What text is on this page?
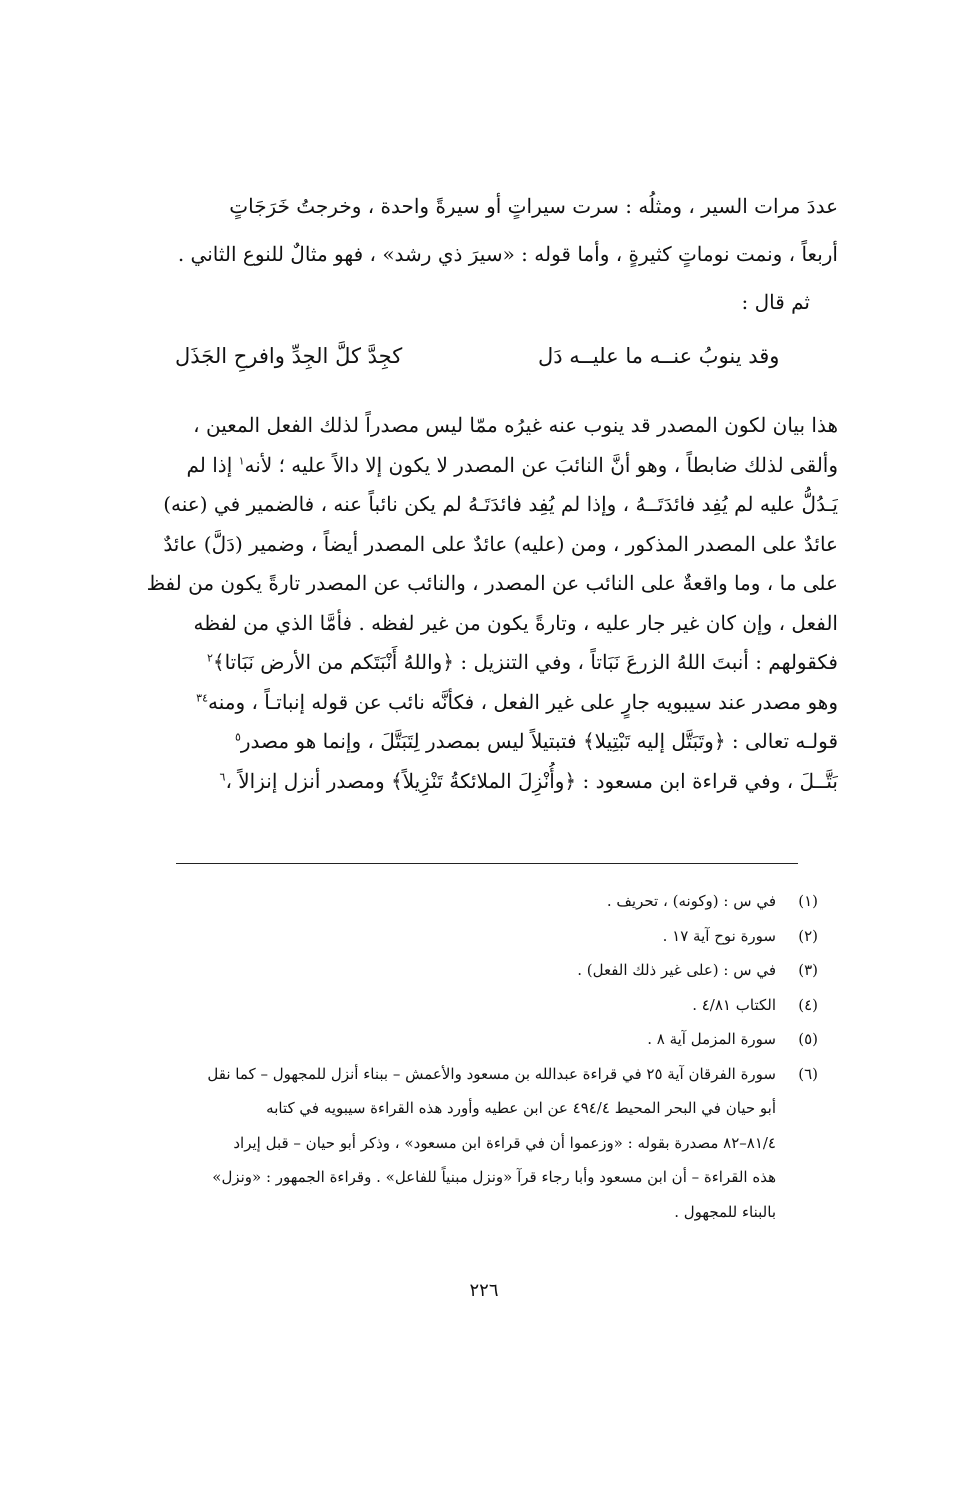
عددَ مرات السير ، ومثلُه : سرت سيراتٍ أو سيرةً واحدة ، وخرجتُ خَرَجَاتٍ
أربعاً ، ونمت نوماتٍ كثيرةٍ ، وأما قوله : «سيرَ ذي رشد» ، فهو مثالٌ للنوع الثاني .
ثم قال :
وقد ينوبُ عنــه ما عليــه دَل
كجِدَّ كلَّ الجِدِّ وافرحِ الجَذَل
هذا بيان لكون المصدر قد ينوب عنه غيرُه ممّا ليس مصدراً لذلك الفعل المعين ،
وألقى لذلك ضابطاً ، وهو أنَّ النائبَ عن المصدر لا يكون إلا دالاً عليه ؛ لأنه$^١$ إذا لم
يَـدُلُّ عليه لم يُفِد فائدَتَــهُ ، وإذا لم يُفِد فائدَتَـهُ لم يكن نائباً عنه ، فالضمير في (عنه)
عائدٌ على المصدر المذكور ، ومن (عليه) عائدٌ على المصدر أيضاً ، وضمير (دَلَّ) عائدٌ
على ما ، وما واقعةٌ على النائب عن المصدر ، والنائب عن المصدر تارةً يكون من لفظ
الفعل ، وإن كان غير جار عليه ، وتارةً يكون من غير لفظه . فأمَّا الذي من لفظه
فكقولهم : أنبتَ اللهُ الزرعَ نَبَاتاً ، وفي التنزيل : ﴿واللهُ أَنْبَتَكم من الأرض نَبَاتا﴾$^٢$
وهو مصدر عند سيبويه جارٍ على غير الفعل ، فكأنَّه نائب عن قوله إنباتـاً ، ومنه$^{٣٤}$
قولـه تعالى : ﴿وتَبَتَّل إليه تَبْتِيلا﴾ فتبتيلاً ليس بمصدر لِتَبَتَّلَ ، وإنما هو مصدر$^٥$
بَتَّــلَ ، وفي قراءة ابن مسعود : ﴿وأُنْزِلَ الملائكةُ تَنْزِيلاً﴾ ومصدر أنزل إنزالاً ،$^٦$
(١)
في س : (وكونه) ، تحريف .
(٢)
سورة نوح آية ١٧ .
(٣)
في س : (على غير ذلك الفعل) .
(٤)
الكتاب ٤/٨١ .
(٥)
سورة المزمل آية ٨ .
(٦)
سورة الفرقان آية ٢٥ في قراءة عبدالله بن مسعود والأعمش – ببناء أنزل للمجهول – كما نقل
أبو حيان في البحر المحيط ٤٩٤/٤ عن ابن عطيه وأورد هذه القراءة سيبويه في كتابه
٨١/٤–٨٢ مصدرة بقوله : «وزعموا أن في قراءة ابن مسعود» ، وذكر أبو حيان – قبل إيراد
هذه القراءة – أن ابن مسعود وأبا رجاء قرآ «ونزل مبنياً للفاعل» . وقراءة الجمهور : «ونزل»
بالبناء للمجهول .
٢٢٦
